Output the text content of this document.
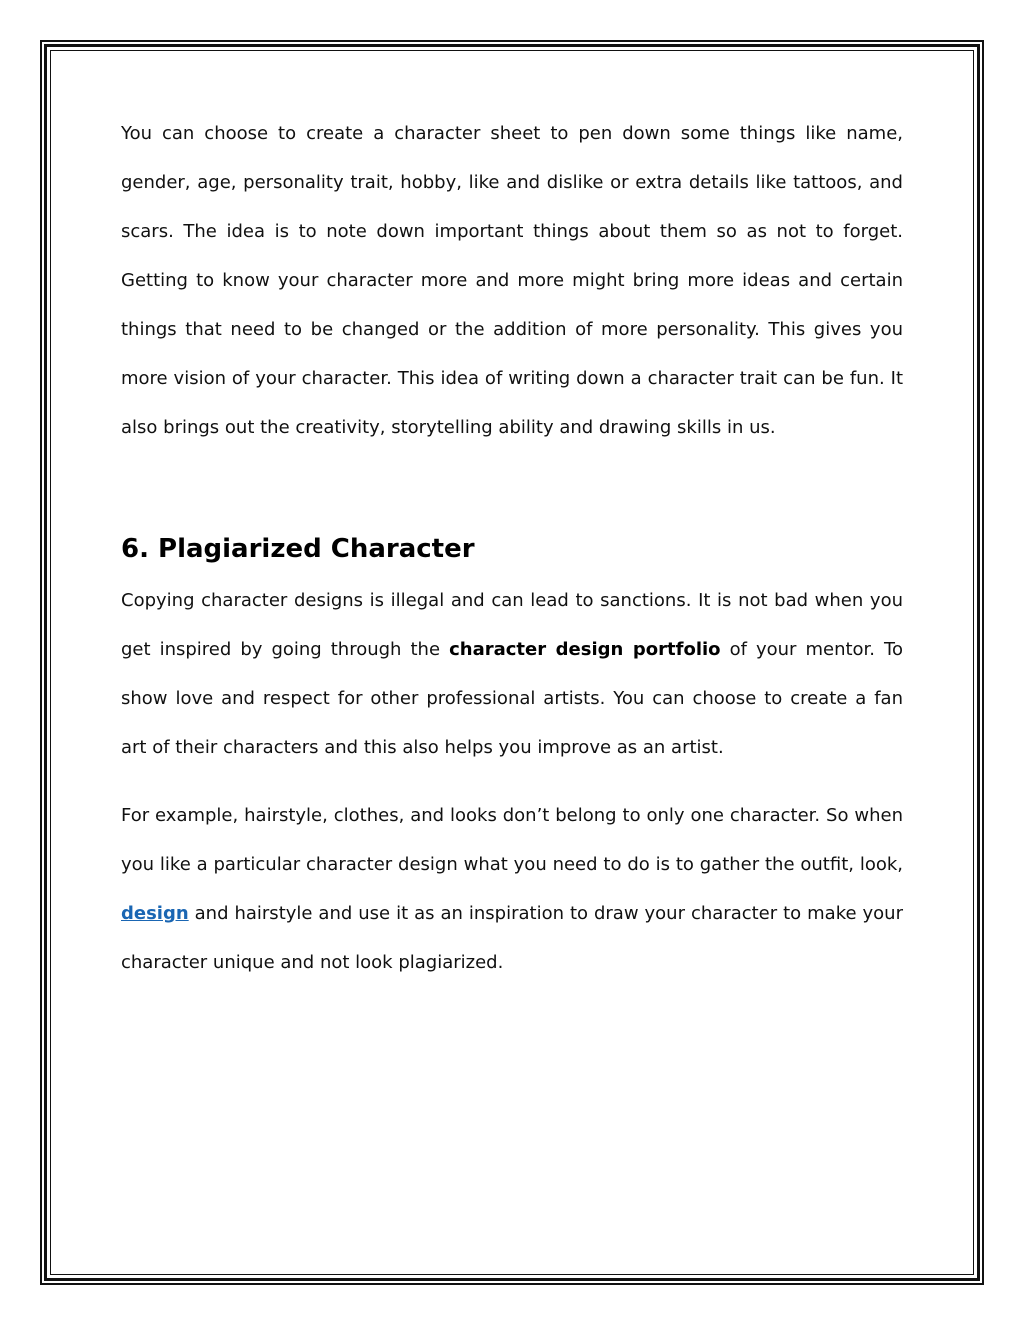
You can choose to create a character sheet to pen down some things like name, gender, age, personality trait, hobby, like and dislike or extra details like tattoos, and scars. The idea is to note down important things about them so as not to forget. Getting to know your character more and more might bring more ideas and certain things that need to be changed or the addition of more personality. This gives you more vision of your character. This idea of writing down a character trait can be fun. It also brings out the creativity, storytelling ability and drawing skills in us.

6. Plagiarized Character

Copying character designs is illegal and can lead to sanctions. It is not bad when you get inspired by going through the character design portfolio of your mentor. To show love and respect for other professional artists. You can choose to create a fan art of their characters and this also helps you improve as an artist.

For example, hairstyle, clothes, and looks don’t belong to only one character. So when you like a particular character design what you need to do is to gather the outfit, look, design and hairstyle and use it as an inspiration to draw your character to make your character unique and not look plagiarized.
